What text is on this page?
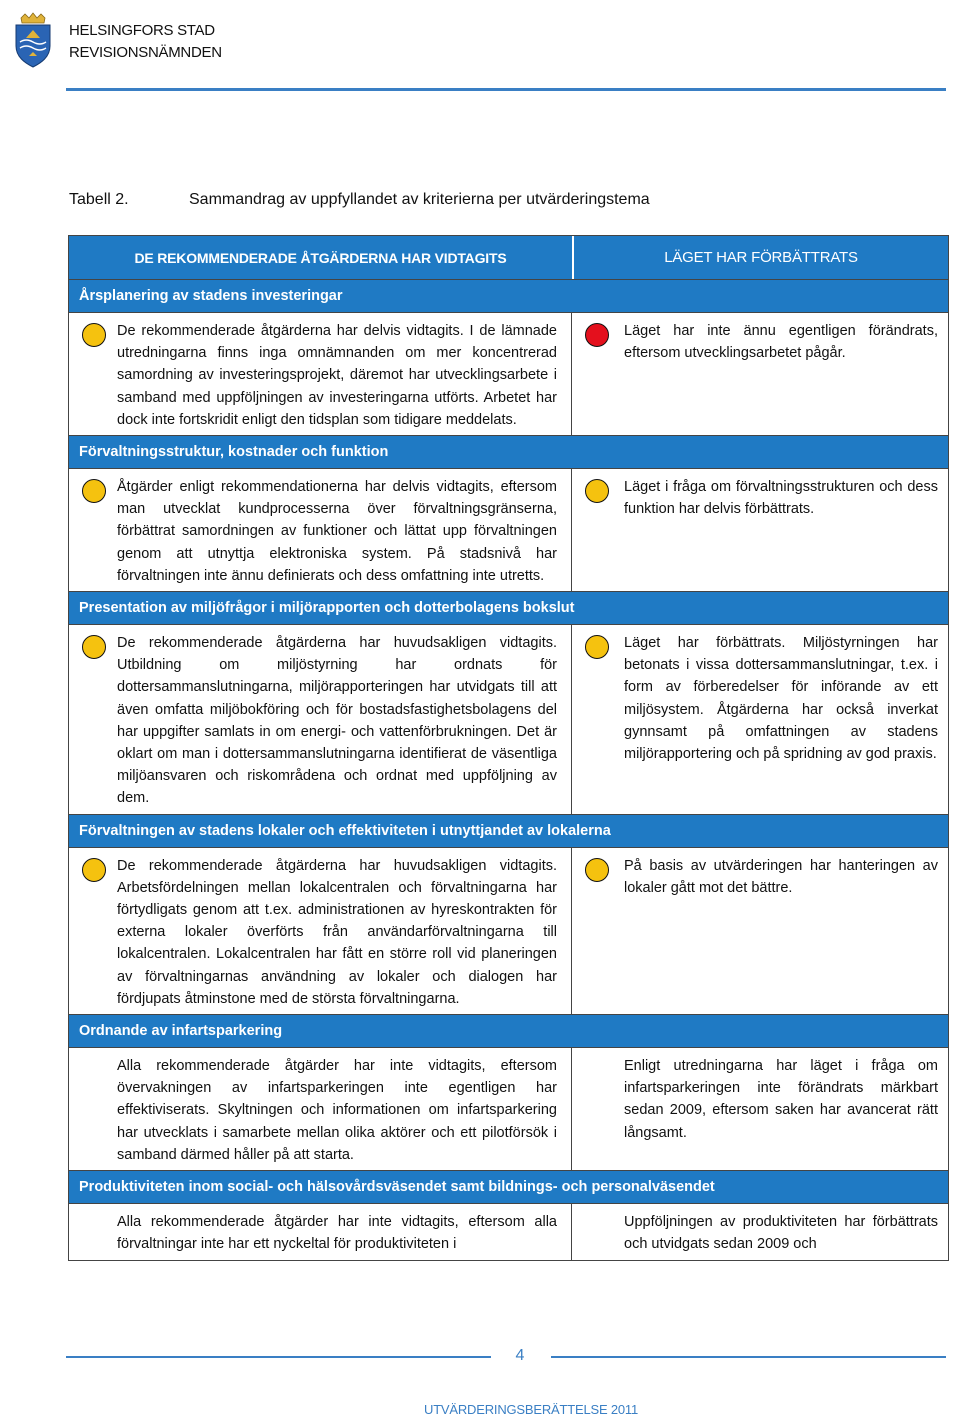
HELSINGFORS STAD
REVISIONSNÄMNDEN
Tabell 2.	Sammandrag av uppfyllandet av kriterierna per utvärderingstema
DE REKOMMENDERADE ÅTGÄRDERNA HAR VIDTAGITS	LÄGET HAR FÖRBÄTTRATS
Årsplanering av stadens investeringar

De rekommenderade åtgärderna har delvis vidtagits. I de lämnade utredningarna finns inga omnämnanden om mer koncentrerad samordning av investeringsprojekt, däremot har utvecklingsarbete i samband med uppföljningen av investeringarna utförts. Arbetet har dock inte fortskridit enligt den tidsplan som tidigare meddelats.

Läget har inte ännu egentligen förändrats, eftersom utvecklingsarbetet pågår.

Förvaltningsstruktur, kostnader och funktion

Åtgärder enligt rekommendationerna har delvis vidtagits, eftersom man utvecklat kundprocesserna över förvaltningsgränserna, förbättrat samordningen av funktioner och lättat upp förvaltningen genom att utnyttja elektroniska system. På stadsnivå har förvaltningen inte ännu definierats och dess omfattning inte utretts.

Läget i fråga om förvaltningsstrukturen och dess funktion har delvis förbättrats.

Presentation av miljöfrågor i miljörapporten och dotterbolagens bokslut

De rekommenderade åtgärderna har huvudsakligen vidtagits. Utbildning om miljöstyrning har ordnats för dottersammanslutningarna, miljörapporteringen har utvidgats till att även omfatta miljöbokföring och för bostadsfastighetsbolagens del har uppgifter samlats in om energi- och vattenförbrukningen. Det är oklart om man i dottersammanslutningarna identifierat de väsentliga miljöansvaren och riskområdena och ordnat med uppföljning av dem.

Läget har förbättrats. Miljöstyrningen har betonats i vissa dottersammanslutningar, t.ex. i form av förberedelser för införande av ett miljösystem. Åtgärderna har också inverkat gynnsamt på omfattningen av stadens miljörapportering och på spridning av god praxis.

Förvaltningen av stadens lokaler och effektiviteten i utnyttjandet av lokalerna

De rekommenderade åtgärderna har huvudsakligen vidtagits. Arbetsfördelningen mellan lokalcentralen och förvaltningarna har förtydligats genom att t.ex. administrationen av hyreskontrakten för externa lokaler överförts från användarförvaltningarna till lokalcentralen. Lokalcentralen har fått en större roll vid planeringen av förvaltningarnas användning av lokaler och dialogen har fördjupats åtminstone med de största förvaltningarna.

På basis av utvärderingen har hanteringen av lokaler gått mot det bättre.

Ordnande av infartsparkering

Alla rekommenderade åtgärder har inte vidtagits, eftersom övervakningen av infartsparkeringen inte egentligen har effektiviserats. Skyltningen och informationen om infartsparkering har utvecklats i samarbete mellan olika aktörer och ett pilotförsök i samband därmed håller på att starta.

Enligt utredningarna har läget i fråga om infartsparkeringen inte förändrats märkbart sedan 2009, eftersom saken har avancerat rätt långsamt.

Produktiviteten inom social- och hälsovårdsväsendet samt bildnings- och personalväsendet

Alla rekommenderade åtgärder har inte vidtagits, eftersom alla förvaltningar inte har ett nyckeltal för produktiviteten i

Uppföljningen av produktiviteten har förbättrats och utvidgats sedan 2009 och

4
UTVÄRDERINGSBERÄTTELSE 2011
